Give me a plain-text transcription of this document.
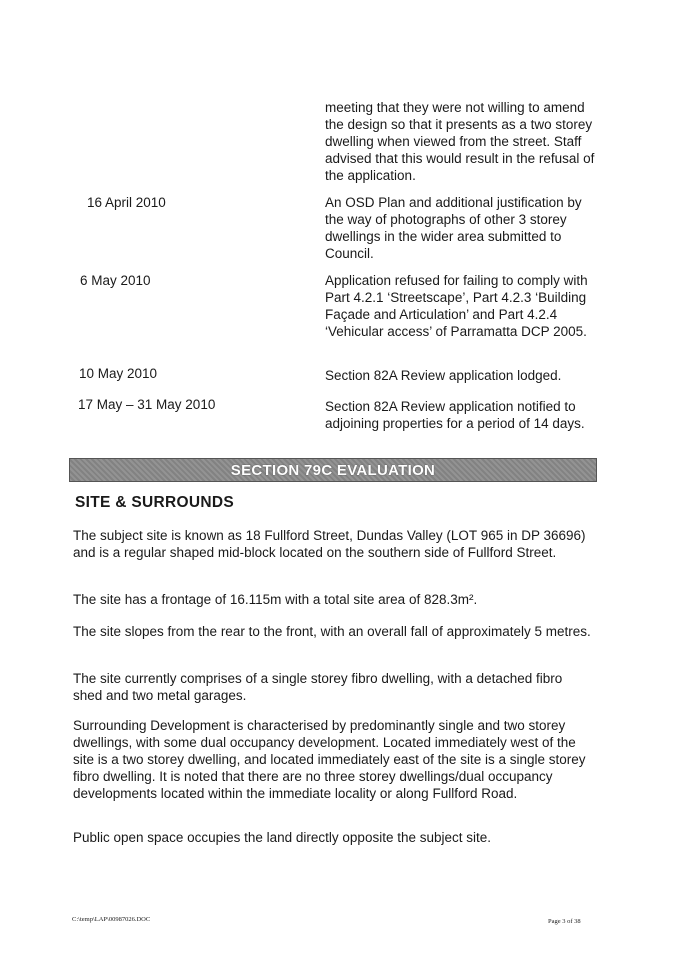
meeting that they were not willing to amend the design so that it presents as a two storey dwelling when viewed from the street. Staff advised that this would result in the refusal of the application.
16 April 2010	An OSD Plan and additional justification by the way of photographs of other 3 storey dwellings in the wider area submitted to Council.
6 May 2010	Application refused for failing to comply with Part 4.2.1 ‘Streetscape’, Part 4.2.3 ‘Building Façade and Articulation’ and Part 4.2.4 ‘Vehicular access’ of Parramatta DCP 2005.
10 May 2010	Section 82A Review application lodged.
17 May – 31 May 2010	Section 82A Review application notified to adjoining properties for a period of 14 days.
SECTION 79C EVALUATION
SITE & SURROUNDS
The subject site is known as 18 Fullford Street, Dundas Valley (LOT 965 in DP 36696) and is a regular shaped mid-block located on the southern side of Fullford Street.
The site has a frontage of 16.115m with a total site area of 828.3m².
The site slopes from the rear to the front, with an overall fall of approximately 5 metres.
The site currently comprises of a single storey fibro dwelling, with a detached fibro shed and two metal garages.
Surrounding Development is characterised by predominantly single and two storey dwellings, with some dual occupancy development. Located immediately west of the site is a two storey dwelling, and located immediately east of the site is a single storey fibro dwelling. It is noted that there are no three storey dwellings/dual occupancy developments located within the immediate locality or along Fullford Road.
Public open space occupies the land directly opposite the subject site.
C:\temp\LAP\00987026.DOC	Page 3 of 38
